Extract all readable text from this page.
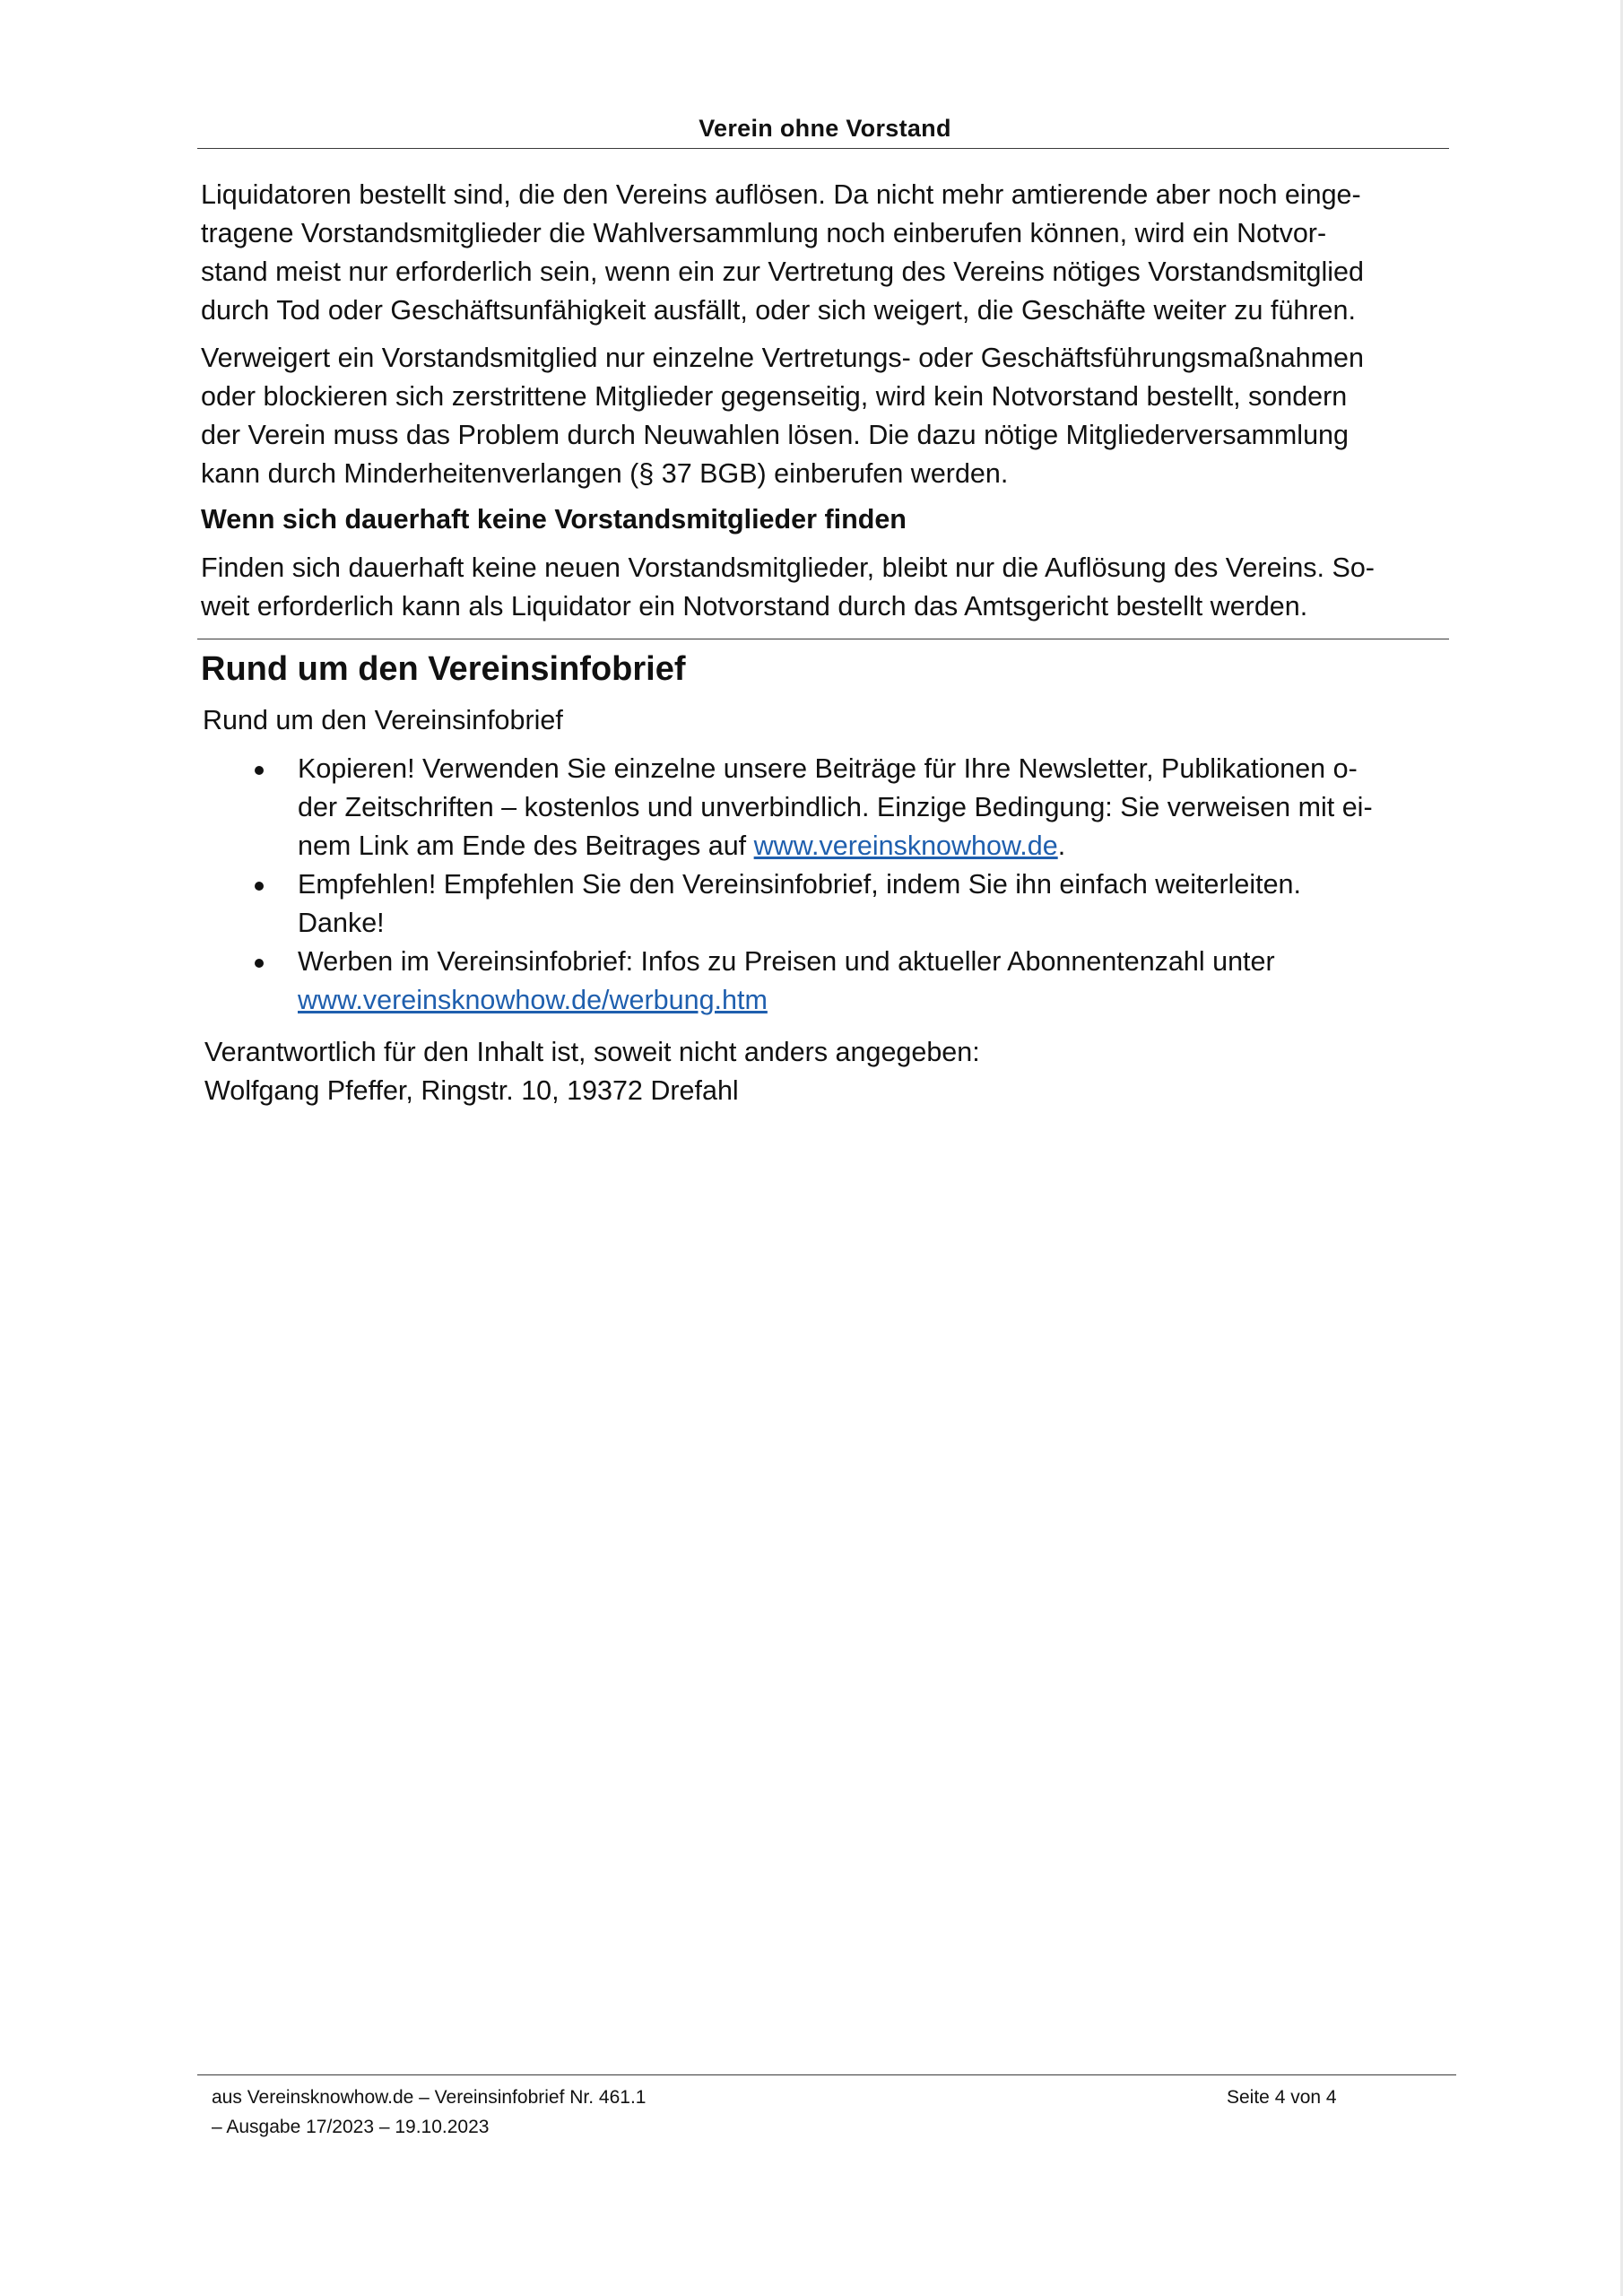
Verein ohne Vorstand

Liquidatoren bestellt sind, die den Vereins auflösen. Da nicht mehr amtierende aber noch einge-

tragene Vorstandsmitglieder die Wahlversammlung noch einberufen können, wird ein Notvor-

stand meist nur erforderlich sein, wenn ein zur Vertretung des Vereins nötiges Vorstandsmitglied

durch Tod oder Geschäftsunfähigkeit ausfällt, oder sich weigert, die Geschäfte weiter zu führen.

Verweigert ein Vorstandsmitglied nur einzelne Vertretungs- oder Geschäftsführungsmaßnahmen

oder blockieren sich zerstrittene Mitglieder gegenseitig, wird kein Notvorstand bestellt, sondern

der Verein muss das Problem durch Neuwahlen lösen. Die dazu nötige Mitgliederversammlung

kann durch Minderheitenverlangen (§ 37 BGB) einberufen werden.

Wenn sich dauerhaft keine Vorstandsmitglieder finden

Finden sich dauerhaft keine neuen Vorstandsmitglieder, bleibt nur die Auflösung des Vereins. So-

weit erforderlich kann als Liquidator ein Notvorstand durch das Amtsgericht bestellt werden.

Rund um den Vereinsinfobrief
Rund um den Vereinsinfobrief
Kopieren! Verwenden Sie einzelne unsere Beiträge für Ihre Newsletter, Publikationen o-
der Zeitschriften – kostenlos und unverbindlich. Einzige Bedingung: Sie verweisen mit ei-
nem Link am Ende des Beitrages auf www.vereinsknowhow.de.
Empfehlen! Empfehlen Sie den Vereinsinfobrief, indem Sie ihn einfach weiterleiten.
Danke!
Werben im Vereinsinfobrief: Infos zu Preisen und aktueller Abonnentenzahl unter
www.vereinsknowhow.de/werbung.htm
Verantwortlich für den Inhalt ist, soweit nicht anders angegeben:
Wolfgang Pfeffer, Ringstr. 10, 19372 Drefahl
aus Vereinsknowhow.de – Vereinsinfobrief Nr. 461.1
– Ausgabe 17/2023 – 19.10.2023
Seite 4 von 4
